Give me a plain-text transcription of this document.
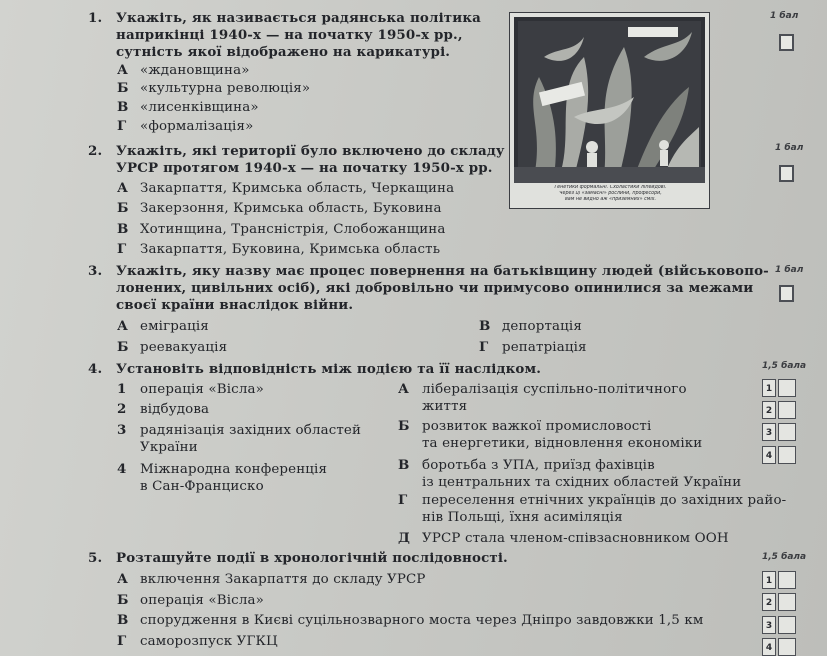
1. Укажіть, як називається радянська політика
наприкінці 1940-х — на початку 1950-х рр.,
сутність якої відображено на карикатурі.
1 бал
А «ждановщина»
Б «культурна революція»
В «лисенківщина»
Г «формалізація»
Генетики формальні. Схоластики ліпейдові.
Через ці «замасні» рослини, професори,
вам не видно аж «приземних» сміх.
2. Укажіть, які території було включено до складу
УРСР протягом 1940-х — на початку 1950-х рр.
1 бал
А Закарпаття, Кримська область, Черкащина
Б Закерзоння, Кримська область, Буковина
В Хотинщина, Транснiстрія, Слобожанщина
Г Закарпаття, Буковина, Кримська область
3. Укажіть, яку назву має процес повернення на батьківщину людей (військовопо-
лонених, цивільних осіб), які добровільно чи примусово опинилися за межами
своєї країни внаслідок війни.
1 бал
А еміграція	В депортація
Б реевакуація	Г репатріація
4. Установіть відповідність між подією та її наслідком.	1,5 бала
1 операція «Вісла»
2 відбудова
3 радянізація західних областей
України
4 Міжнародна конференція
в Сан-Франциско
А лібералізація суспільно-політичного
життя
Б розвиток важкої промисловості
та енергетики, відновлення економіки
В боротьба з УПА, приїзд фахівців
із центральних та східних областей України
Г переселення етнічних українців до західних райо-
нів Польщі, їхня асиміляція
Д УРСР стала членом-співзасновником ООН
1
2
3
4
5. Розташуйте події в хронологічній послідовності.	1,5 бала
А включення Закарпаття до складу УРСР
Б операція «Вісла»
В спорудження в Києві суцільнозварного моста через Дніпро завдовжки 1,5 км
Г саморозпуск УГКЦ
1
2
3
4
